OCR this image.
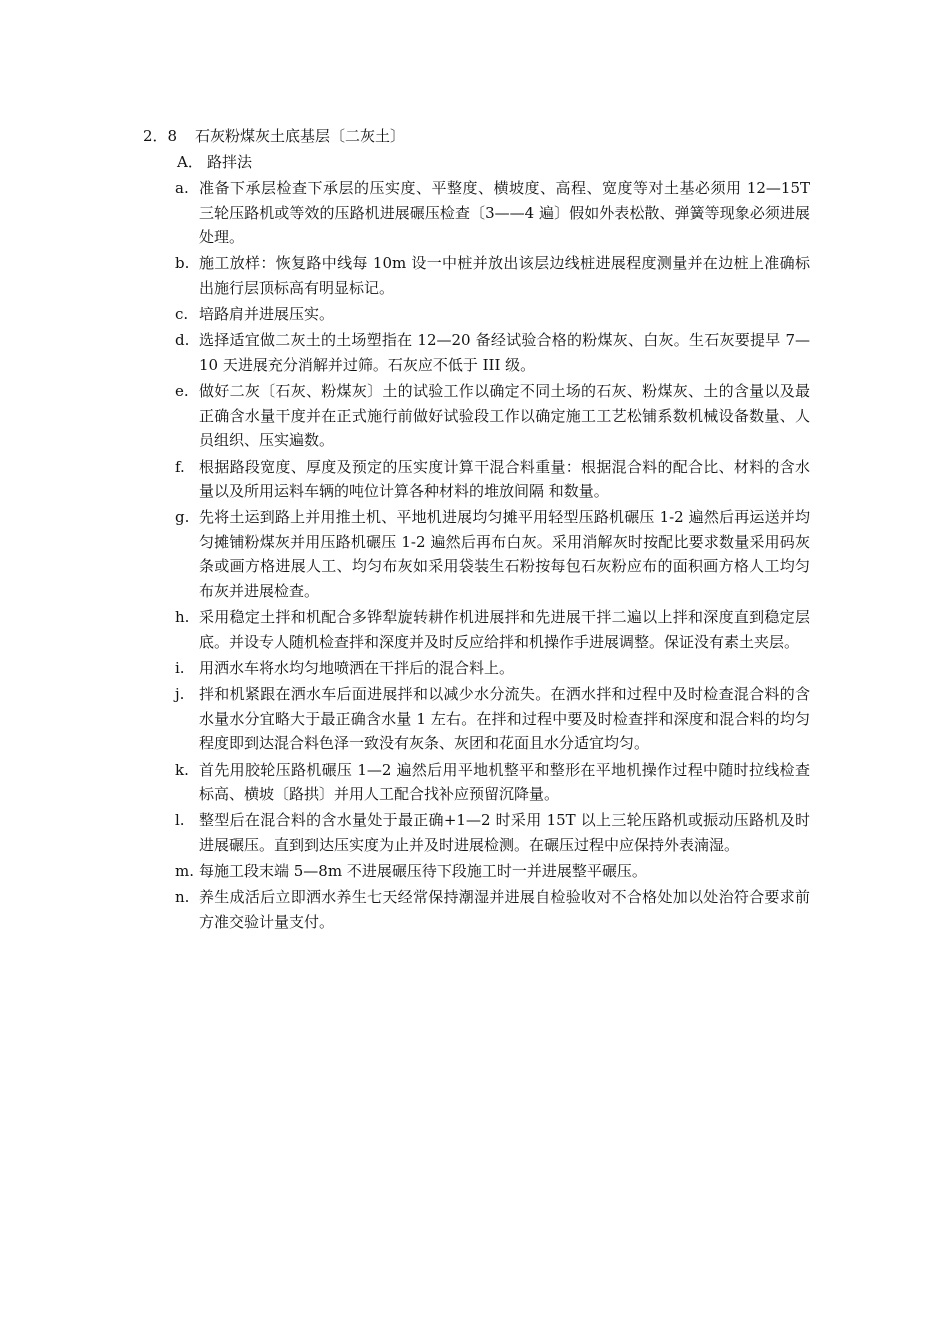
2．8 石灰粉煤灰土底基层〔二灰土〕
A． 路拌法
a. 准备下承层检查下承层的压实度、平整度、横坡度、高程、宽度等对土基必须用 12—15T 三轮压路机或等效的压路机进展碾压检查〔3——4 遍〕假如外表松散、弹簧等现象必须进展处理。
b. 施工放样：恢复路中线每 10m 设一中桩并放出该层边线桩进展程度测量并在边桩上准确标出施行层顶标高有明显标记。
c. 培路肩并进展压实。
d. 选择适宜做二灰土的土场塑指在 12—20 备经试验合格的粉煤灰、白灰。生石灰要提早 7—10 天进展充分消解并过筛。石灰应不低于 III 级。
e. 做好二灰〔石灰、粉煤灰〕土的试验工作以确定不同土场的石灰、粉煤灰、土的含量以及最正确含水量干度并在正式施行前做好试验段工作以确定施工工艺松铺系数机械设备数量、人员组织、压实遍数。
f. 根据路段宽度、厚度及预定的压实度计算干混合料重量：根据混合料的配合比、材料的含水量以及所用运料车辆的吨位计算各种材料的堆放间隔 和数量。
g. 先将土运到路上并用推土机、平地机进展均匀摊平用轻型压路机碾压 1-2 遍然后再运送并均匀摊铺粉煤灰并用压路机碾压 1-2 遍然后再布白灰。采用消解灰时按配比要求数量采用码灰条或画方格进展人工、均匀布灰如采用袋装生石粉按每包石灰粉应布的面积画方格人工均匀布灰并进展检查。
h. 采用稳定土拌和机配合多铧犁旋转耕作机进展拌和先进展干拌二遍以上拌和深度直到稳定层底。并设专人随机检查拌和深度并及时反应给拌和机操作手进展调整。保证没有素土夹层。
i. 用洒水车将水均匀地喷洒在干拌后的混合料上。
j. 拌和机紧跟在洒水车后面进展拌和以减少水分流失。在洒水拌和过程中及时检查混合料的含水量水分宜略大于最正确含水量 1 左右。在拌和过程中要及时检查拌和深度和混合料的均匀程度即到达混合料色泽一致没有灰条、灰团和花面且水分适宜均匀。
k. 首先用胶轮压路机碾压 1—2 遍然后用平地机整平和整形在平地机操作过程中随时拉线检查标高、横坡〔路拱〕并用人工配合找补应预留沉降量。
l. 整型后在混合料的含水量处于最正确+1—2 时采用 15T 以上三轮压路机或振动压路机及时进展碾压。直到到达压实度为止并及时进展检测。在碾压过程中应保持外表湳湿。
m. 每施工段末端 5—8m 不进展碾压待下段施工时一并进展整平碾压。
n. 养生成活后立即洒水养生七天经常保持潮湿并进展自检验收对不合格处加以处治符合要求前方准交验计量支付。
